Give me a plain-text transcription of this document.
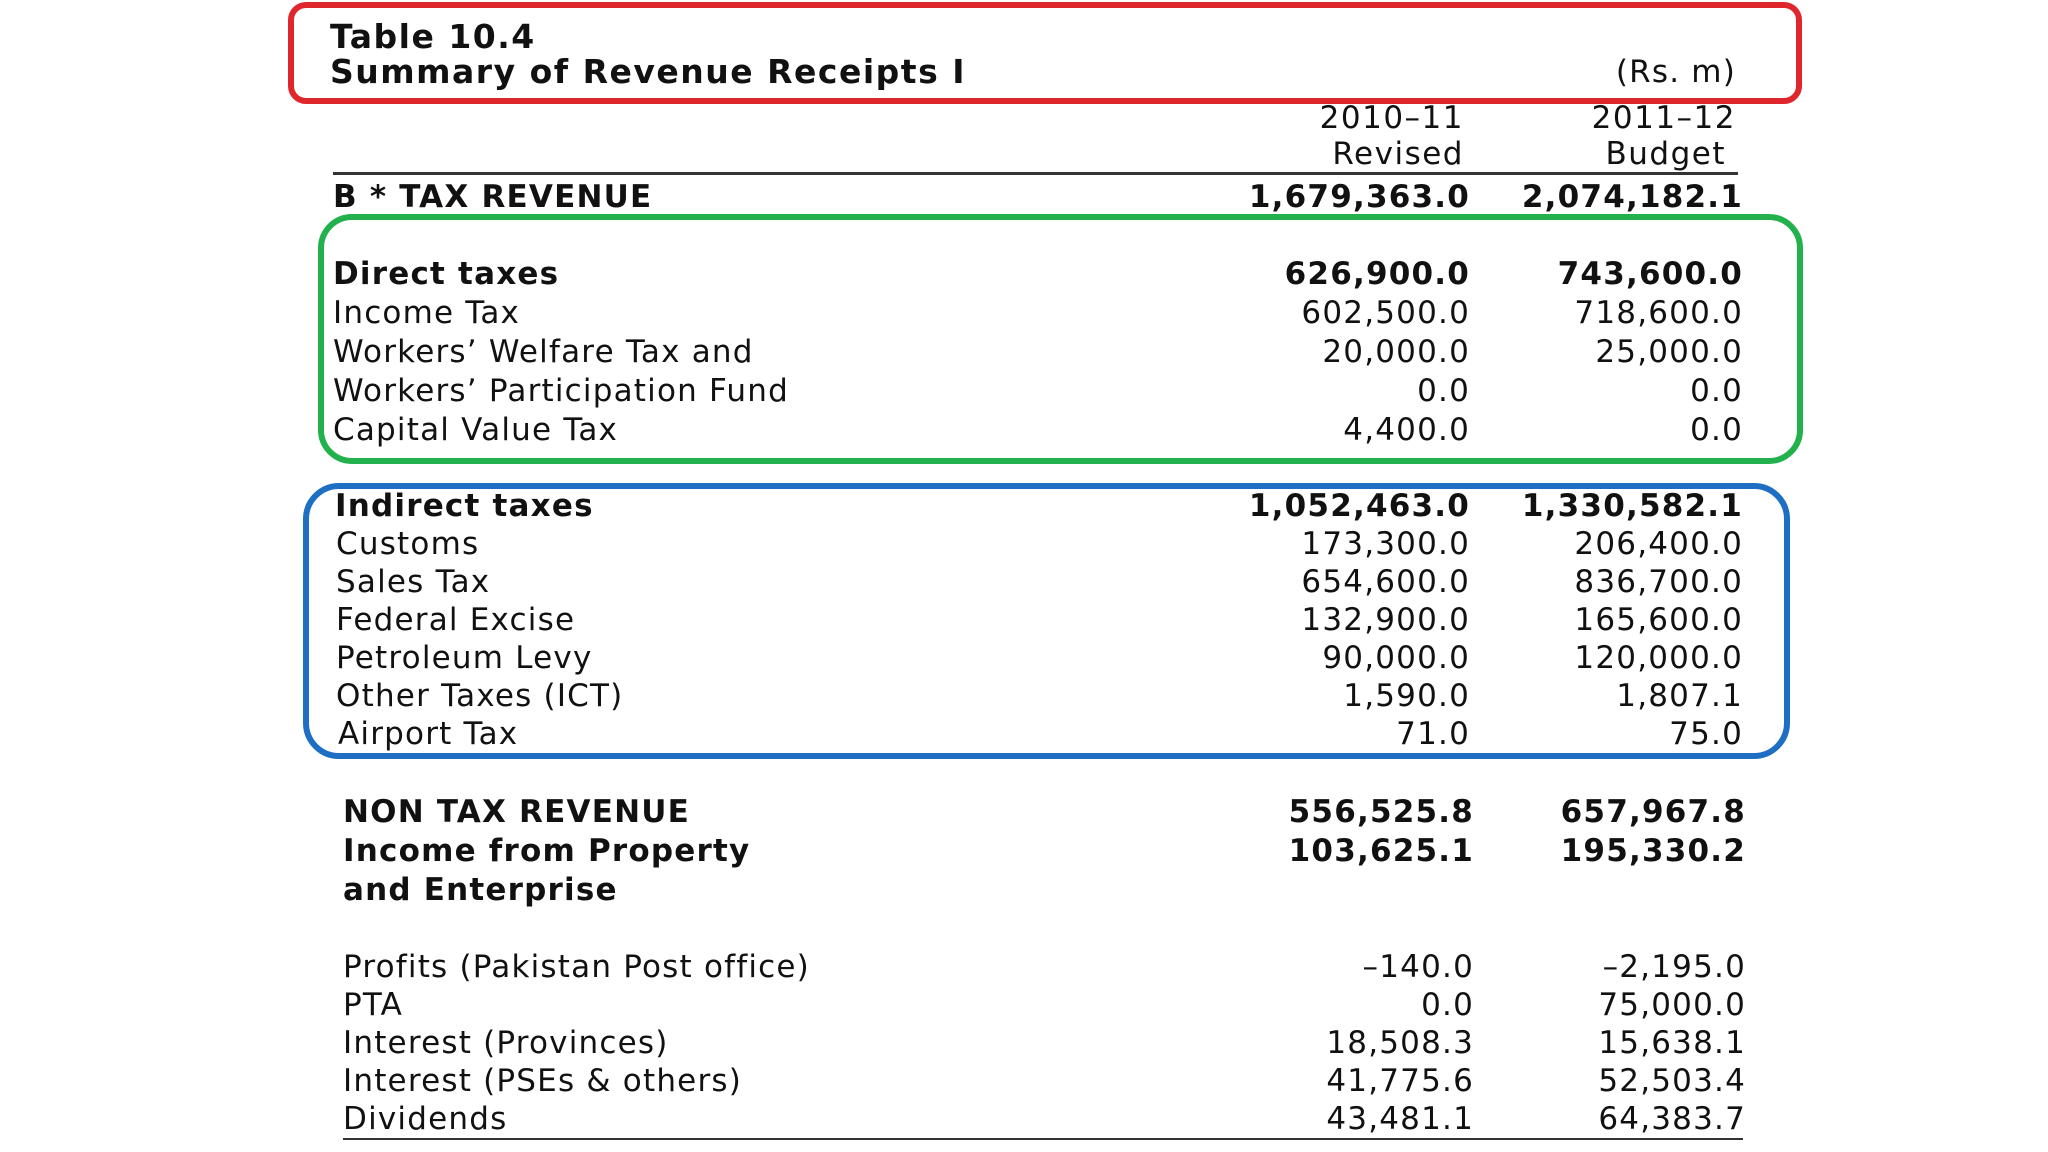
Table 10.4
Summary of Revenue Receipts I	(Rs. m)
2010–11
Revised
2011–12
Budget
B * TAX REVENUE	1,679,363.0 2,074,182.1
Direct taxes	626,900.0	743,600.0
Income Tax	602,500.0	718,600.0
Workers’ Welfare Tax and	20,000.0	25,000.0
Workers’ Participation Fund	0.0	0.0
Capital Value Tax	4,400.0	0.0
Indirect taxes	1,052,463.0 1,330,582.1
Customs	173,300.0	206,400.0
Sales Tax	654,600.0	836,700.0
Federal Excise	132,900.0	165,600.0
Petroleum Levy	90,000.0	120,000.0
Other Taxes (ICT)	1,590.0	1,807.1
Airport Tax	71.0	75.0
NON TAX REVENUE	556,525.8	657,967.8
Income from Property	103,625.1	195,330.2
and Enterprise
Profits (Pakistan Post office)	–140.0	–2,195.0
PTA	0.0	75,000.0
Interest (Provinces)	18,508.3	15,638.1
Interest (PSEs & others)	41,775.6	52,503.4
Dividends	43,481.1	64,383.7
